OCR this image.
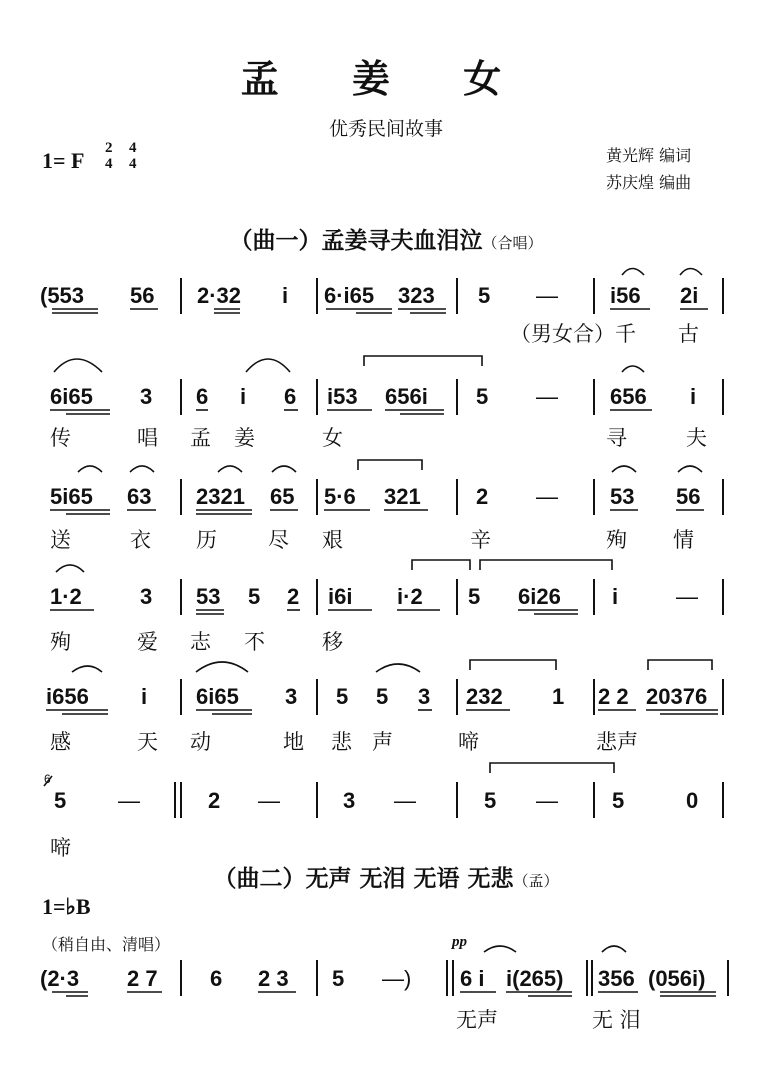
孟 姜 女
优秀民间故事
1= F 2
4
4
4	黄光辉 编词
苏庆煌 编曲
（曲一）孟姜寻夫血泪泣（合唱）
(553 56 2·32 i 6·i65 323 5 — i56 2i
（男女合）千 古
6i65 3 6 i 6 i53 656i 5 — 656 i
传	唱 孟 姜	女	寻	夫
5i65 63 2321 65 5·6 321	2 — 53 56
送	衣 历 尽 艰	辛	殉 情
1·2	3 53 5 2 i6i i·2 5 6i26 i	—
殉	爱 志 不	移
i656 i 6i65 3 5 5 3 232 1 2 2 20376
感	天 动	地 悲 声	啼	悲声
6
5 —	2 —	3 —	5 — 5	0
啼
（曲二）无声 无泪 无语 无悲（孟）
1=♭B
（稍自由、清唱）	pp
(2·3 2 7 6 2 3 5 —) 6 i i(265) 356 (056i)
无声	无 泪
